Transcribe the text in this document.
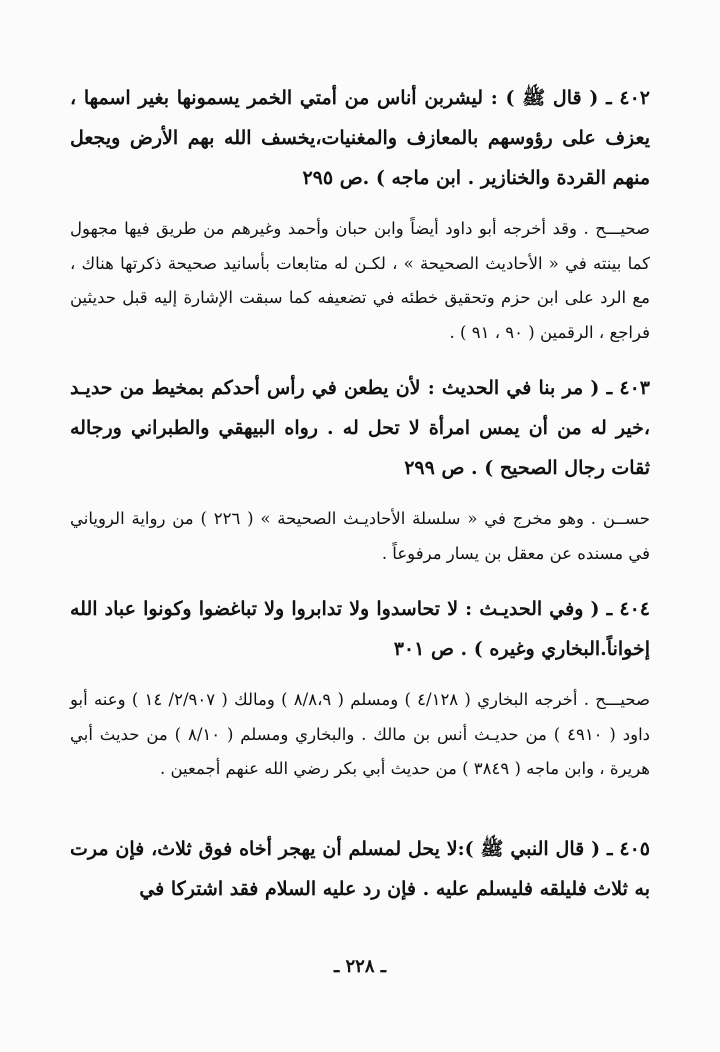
٤٠٢ ـ ( قال ﷺ ) : ليشربن أناس من أمتي الخمر يسمونها بغير اسمها ، يعزف على رؤوسهم بالمعازف والمغنيات،يخسف الله بهم الأرض ويجعل منهم القردة والخنازير . ابن ماجه ) .ص ٢٩٥

صحيـــح . وقد أخرجه أبو داود أيضاً وابن حبان وأحمد وغيرهم من طريق فيها مجهول كما بينته في « الأحاديث الصحيحة » ، لكـن له متابعات بأسانيد صحيحة ذكرتها هناك ، مع الرد على ابن حزم وتحقيق خطئه في تضعيفه كما سبقت الإشارة إليه قبل حديثين فراجع ، الرقمين ( ٩٠ ، ٩١ ) .

٤٠٣ ـ ( مر بنا في الحديث : لأن يطعن في رأس أحدكم بمخيط من حديـد ،خير له من أن يمس امرأة لا تحل له . رواه البيهقي والطبراني ورجاله ثقات رجال الصحيح ) . ص ٢٩٩

حســن . وهو مخرج في « سلسلة الأحاديـث الصحيحة » ( ٢٢٦ ) من رواية الروياني في مسنده عن معقل بن يسار مرفوعاً .

٤٠٤ ـ ( وفي الحديـث : لا تحاسدوا ولا تدابروا ولا تباغضوا وكونوا عباد الله إخواناً.البخاري وغيره ) . ص ٣٠١

صحيـــح . أخرجه البخاري ( ٤/١٢٨ ) ومسلم ( ٨/٨،٩ ) ومالك ( ٢/٩٠٧/ ١٤ ) وعنه أبو داود ( ٤٩١٠ ) من حديـث أنس بن مالك . والبخاري ومسلم ( ٨/١٠ ) من حديث أبي هريرة ، وابن ماجه ( ٣٨٤٩ ) من حديث أبي بكر رضي الله عنهم أجمعين .

٤٠٥ ـ ( قال النبي ﷺ ):لا يحل لمسلم أن يهجر أخاه فوق ثلاث، فإن مرت به ثلاث فليلقه فليسلم عليه . فإن رد عليه السلام فقد اشتركا في

ـ ٢٢٨ ـ
